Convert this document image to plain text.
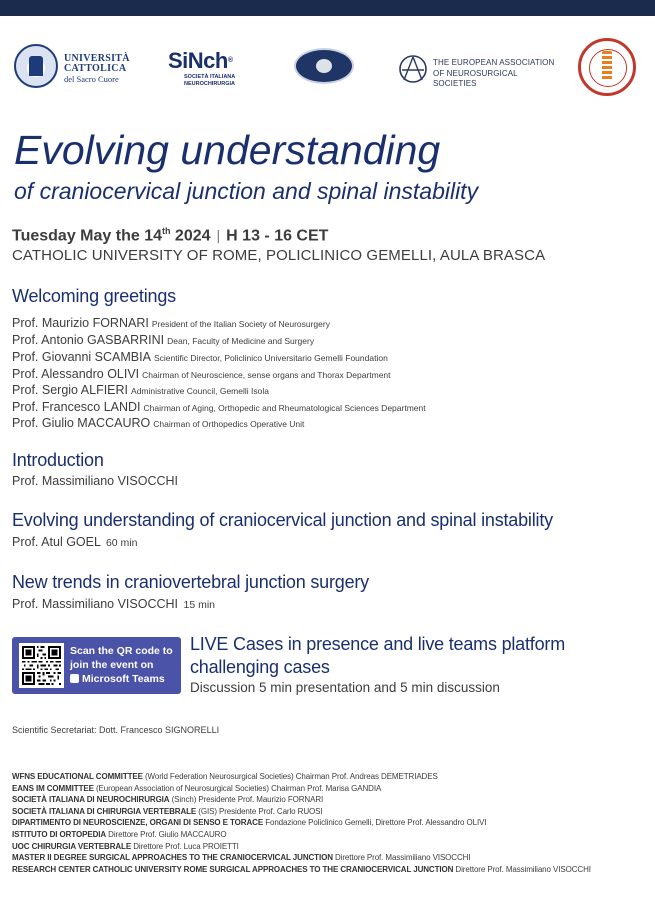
UNIVERSITÀ
CATTOLICA
del Sacro Cuore
SiNch®
SOCIETÀ ITALIANA
NEUROCHIRURGIA
THE EUROPEAN ASSOCIATION
OF NEUROSURGICAL SOCIETIES
Evolving understanding
of craniocervical junction and spinal instability
Tuesday May the 14th 2024 | H 13 - 16 CET
CATHOLIC UNIVERSITY OF ROME, POLICLINICO GEMELLI, AULA BRASCA
Welcoming greetings
Prof. Maurizio FORNARI President of the Italian Society of Neurosurgery
Prof. Antonio GASBARRINI Dean, Faculty of Medicine and Surgery
Prof. Giovanni SCAMBIA Scientific Director, Policlinico Universitario Gemelli Foundation
Prof. Alessandro OLIVI Chairman of Neuroscience, sense organs and Thorax Department
Prof. Sergio ALFIERI Administrative Council, Gemelli Isola
Prof. Francesco LANDI Chairman of Aging, Orthopedic and Rheumatological Sciences Department
Prof. Giulio MACCAURO Chairman of Orthopedics Operative Unit
Introduction
Prof. Massimiliano VISOCCHI
Evolving understanding of craniocervical junction and spinal instability
Prof. Atul GOEL 60 min
New trends in craniovertebral junction surgery
Prof. Massimiliano VISOCCHI 15 min
Scan the QR code to
join the event on
Microsoft Teams
LIVE Cases in presence and live teams platform
challenging cases
Discussion 5 min presentation and 5 min discussion
Scientific Secretariat: Dott. Francesco SIGNORELLI
WFNS EDUCATIONAL COMMITTEE (World Federation Neurosurgical Societies) Chairman Prof. Andreas DEMETRIADES
EANS IM COMMITTEE (European Association of Neurosurgical Societies) Chairman Prof. Marisa GANDIA
SOCIETÀ ITALIANA DI NEUROCHIRURGIA (Sinch) Presidente Prof. Maurizio FORNARI
SOCIETÀ ITALIANA DI CHIRURGIA VERTEBRALE (GIS) Presidente Prof. Carlo RUOSI
DIPARTIMENTO DI NEUROSCIENZE, ORGANI DI SENSO E TORACE Fondazione Policlinico Gemelli, Direttore Prof. Alessandro OLIVI
ISTITUTO DI ORTOPEDIA Direttore Prof. Giulio MACCAURO
UOC CHIRURGIA VERTEBRALE Direttore Prof. Luca PROIETTI
MASTER II DEGREE SURGICAL APPROACHES TO THE CRANIOCERVICAL JUNCTION Direttore Prof. Massimiliano VISOCCHI
RESEARCH CENTER CATHOLIC UNIVERSITY ROME SURGICAL APPROACHES TO THE CRANIOCERVICAL JUNCTION Direttore Prof. Massimiliano VISOCCHI
